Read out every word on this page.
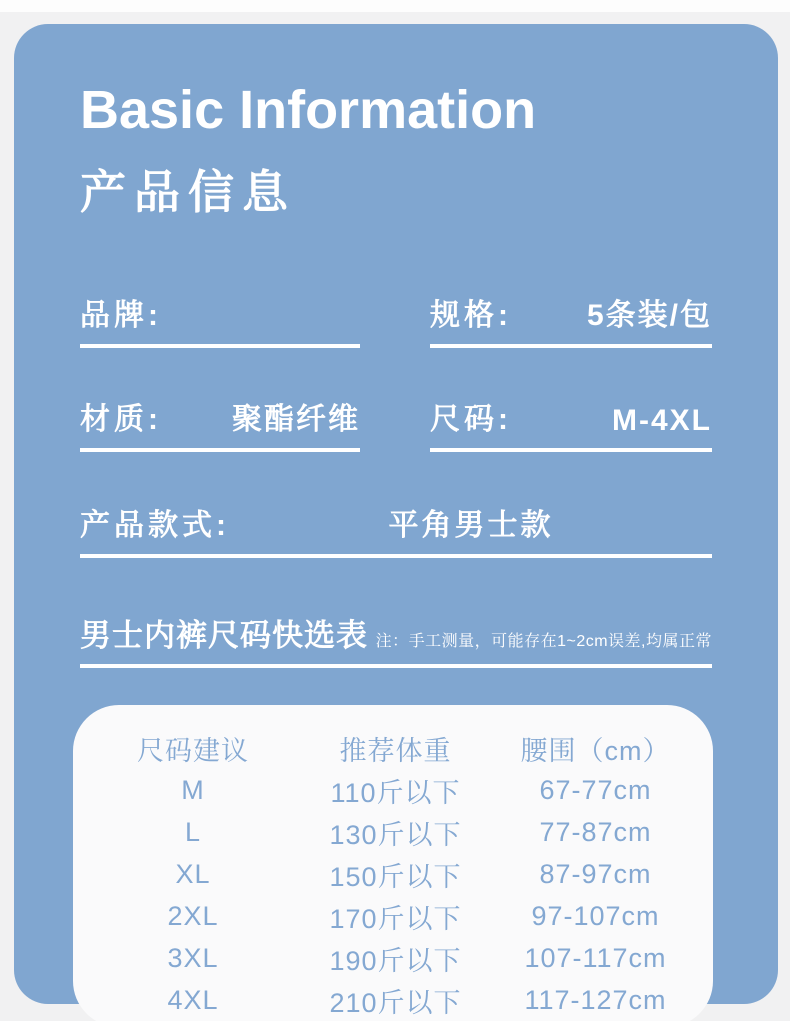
Basic Information
产品信息
品牌:	规格: 5条装/包
材质: 聚酯纤维 尺码:	M-4XL
产品款式:	平角男士款
男士内裤尺码快选表 注：手工测量，可能存在1~2cm误差,均属正常
尺码建议	推荐体重	腰围（cm）
M	110斤以下	67-77cm
L	130斤以下	77-87cm
XL	150斤以下	87-97cm
2XL	170斤以下	97-107cm
3XL	190斤以下	107-117cm
4XL	210斤以下	117-127cm
